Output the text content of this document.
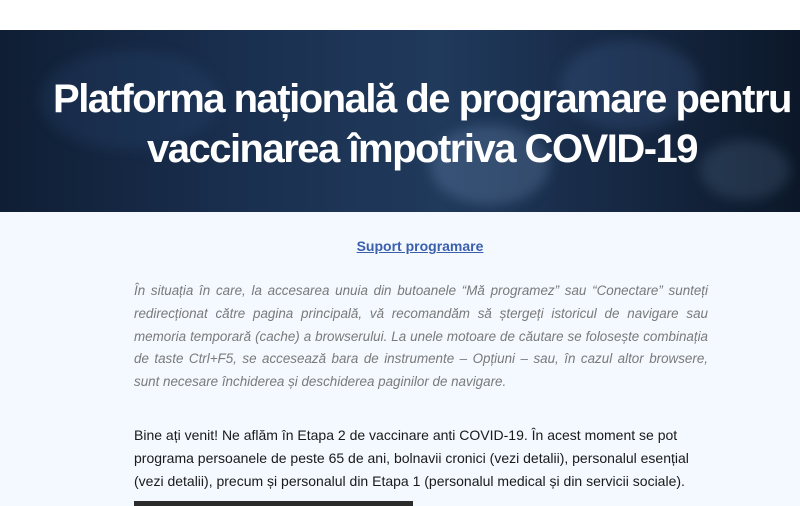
Platforma națională de programare pentru
vaccinarea împotriva COVID-19
Suport programare

În situația în care, la accesarea unuia din butoanele “Mă programez” sau “Conectare” sunteți redirecționat către pagina principală, vă recomandăm să ștergeți istoricul de navigare sau memoria temporară (cache) a browserului. La unele motoare de căutare se folosește combinația de taste Ctrl+F5, se accesează bara de instrumente – Opțiuni – sau, în cazul altor browsere, sunt necesare închiderea și deschiderea paginilor de navigare.

Bine ați venit! Ne aflăm în Etapa 2 de vaccinare anti COVID-19. În acest moment se pot programa persoanele de peste 65 de ani, bolnavii cronici (vezi detalii), personalul esențial (vezi detalii), precum și personalul din Etapa 1 (personalul medical și din servicii sociale).
